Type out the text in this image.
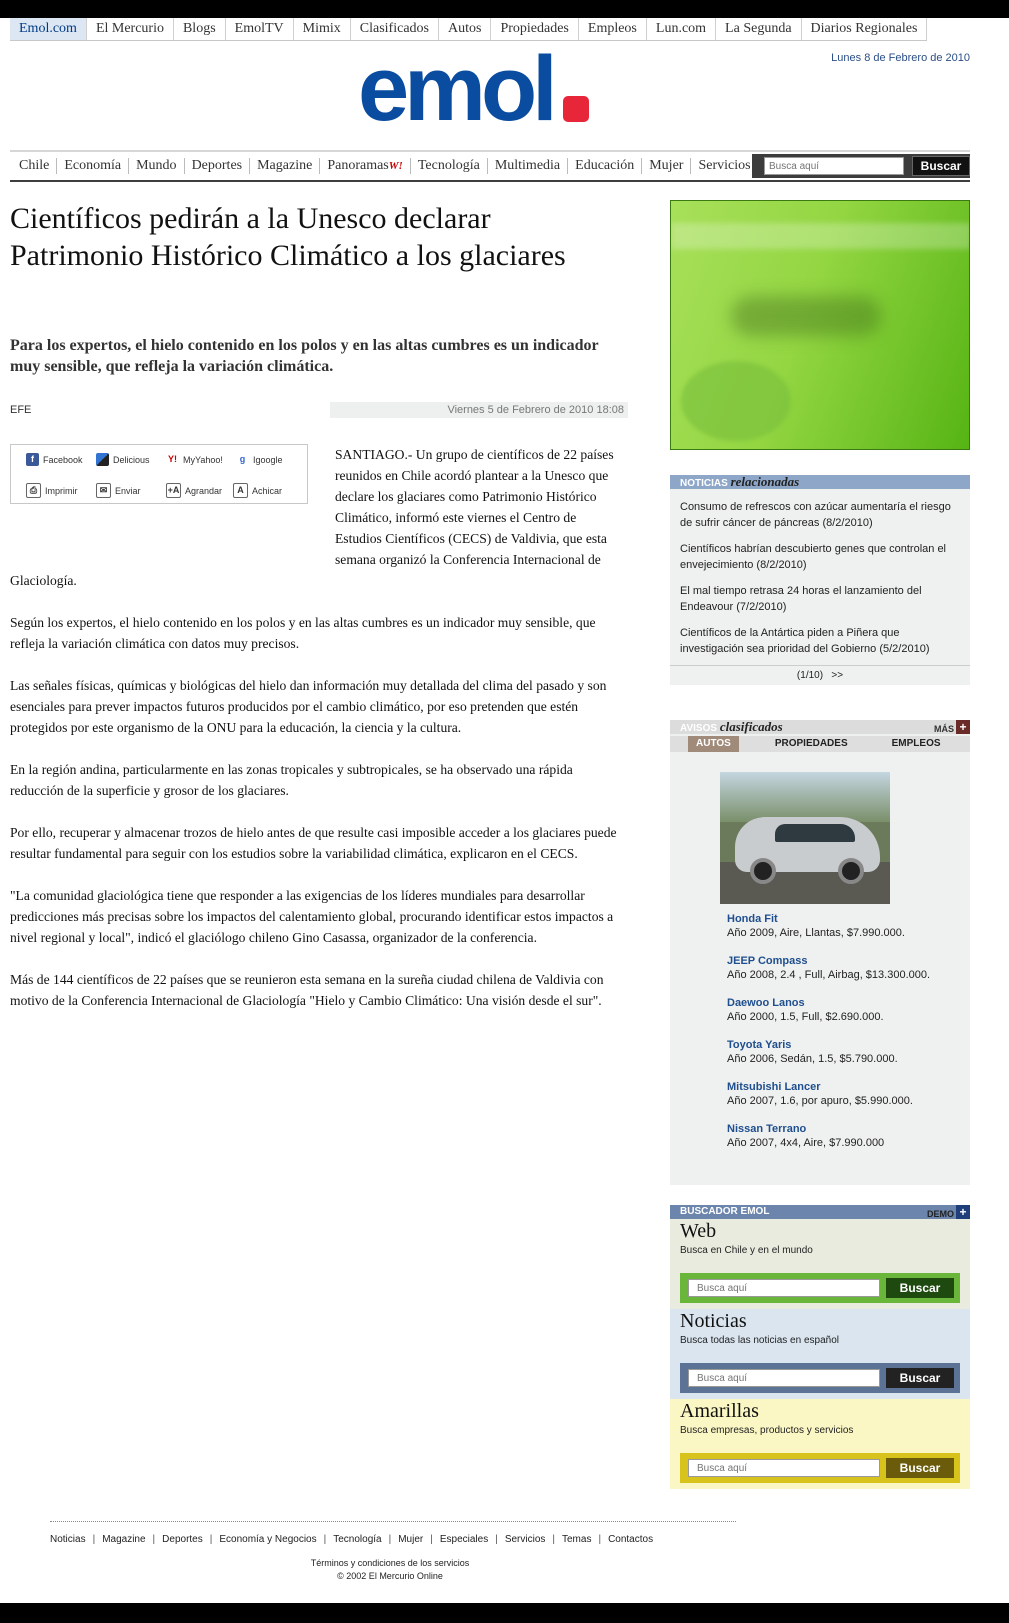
Emol.com	El Mercurio	Blogs	EmolTV	Mimix	Clasificados	Autos	Propiedades	Empleos	Lun.com	La Segunda	Diarios Regionales
Lunes 8 de Febrero de 2010
emol
Chile	Economía	Mundo	Deportes	Magazine	PanoramasW!	Tecnología	Multimedia	Educación	Mujer	Servicios
Busca aquí	Buscar
Científicos pedirán a la Unesco declarar Patrimonio Histórico Climático a los glaciares

Para los expertos, el hielo contenido en los polos y en las altas cumbres es un indicador muy sensible, que refleja la variación climática.

EFE	Viernes 5 de Febrero de 2010 18:08

SANTIAGO.- Un grupo de científicos de 22 países reunidos en Chile acordó plantear a la Unesco que declare los glaciares como Patrimonio Histórico Climático, informó este viernes el Centro de Estudios Científicos (CECS) de Valdivia, que esta semana organizó la Conferencia Internacional de Glaciología.

Según los expertos, el hielo contenido en los polos y en las altas cumbres es un indicador muy sensible, que refleja la variación climática con datos muy precisos.

Las señales físicas, químicas y biológicas del hielo dan información muy detallada del clima del pasado y son esenciales para prever impactos futuros producidos por el cambio climático, por eso pretenden que estén protegidos por este organismo de la ONU para la educación, la ciencia y la cultura.

En la región andina, particularmente en las zonas tropicales y subtropicales, se ha observado una rápida reducción de la superficie y grosor de los glaciares.

Por ello, recuperar y almacenar trozos de hielo antes de que resulte casi imposible acceder a los glaciares puede resultar fundamental para seguir con los estudios sobre la variabilidad climática, explicaron en el CECS.

"La comunidad glaciológica tiene que responder a las exigencias de los líderes mundiales para desarrollar predicciones más precisas sobre los impactos del calentamiento global, procurando identificar estos impactos a nivel regional y local", indicó el glaciólogo chileno Gino Casassa, organizador de la conferencia.

Más de 144 científicos de 22 países que se reunieron esta semana en la sureña ciudad chilena de Valdivia con motivo de la Conferencia Internacional de Glaciología "Hielo y Cambio Climático: Una visión desde el sur".

f	Facebook	Delicious Y! MyYahoo!	g Igoogle
⎙ Imprimir	✉ Enviar	+A Agrandar	A Achicar
NOTICIAS relacionadas
Consumo de refrescos con azúcar aumentaría el riesgo de sufrir cáncer de páncreas (8/2/2010)
Científicos habrían descubierto genes que controlan el envejecimiento (8/2/2010)
El mal tiempo retrasa 24 horas el lanzamiento del Endeavour (7/2/2010)
Científicos de la Antártica piden a Piñera que investigación sea prioridad del Gobierno (5/2/2010)
(1/10) >>
AVISOS clasificados	MÁS +
AUTOS	PROPIEDADES	EMPLEOS
Honda Fit
Año 2009, Aire, Llantas, $7.990.000.
JEEP Compass
Año 2008, 2.4 , Full, Airbag, $13.300.000.
Daewoo Lanos
Año 2000, 1.5, Full, $2.690.000.
Toyota Yaris
Año 2006, Sedán, 1.5, $5.790.000.
Mitsubishi Lancer
Año 2007, 1.6, por apuro, $5.990.000.
Nissan Terrano
Año 2007, 4x4, Aire, $7.990.000
BUSCADOR EMOL	DEMO +
Web
Busca en Chile y en el mundo
Busca aquí
Buscar
Noticias
Busca todas las noticias en español
Busca aquí
Buscar
Amarillas
Busca empresas, productos y servicios
Busca aquí
Buscar
Noticias | Magazine | Deportes | Economía y Negocios | Tecnología | Mujer | Especiales | Servicios | Temas | Contactos
Términos y condiciones de los servicios
© 2002 El Mercurio Online
